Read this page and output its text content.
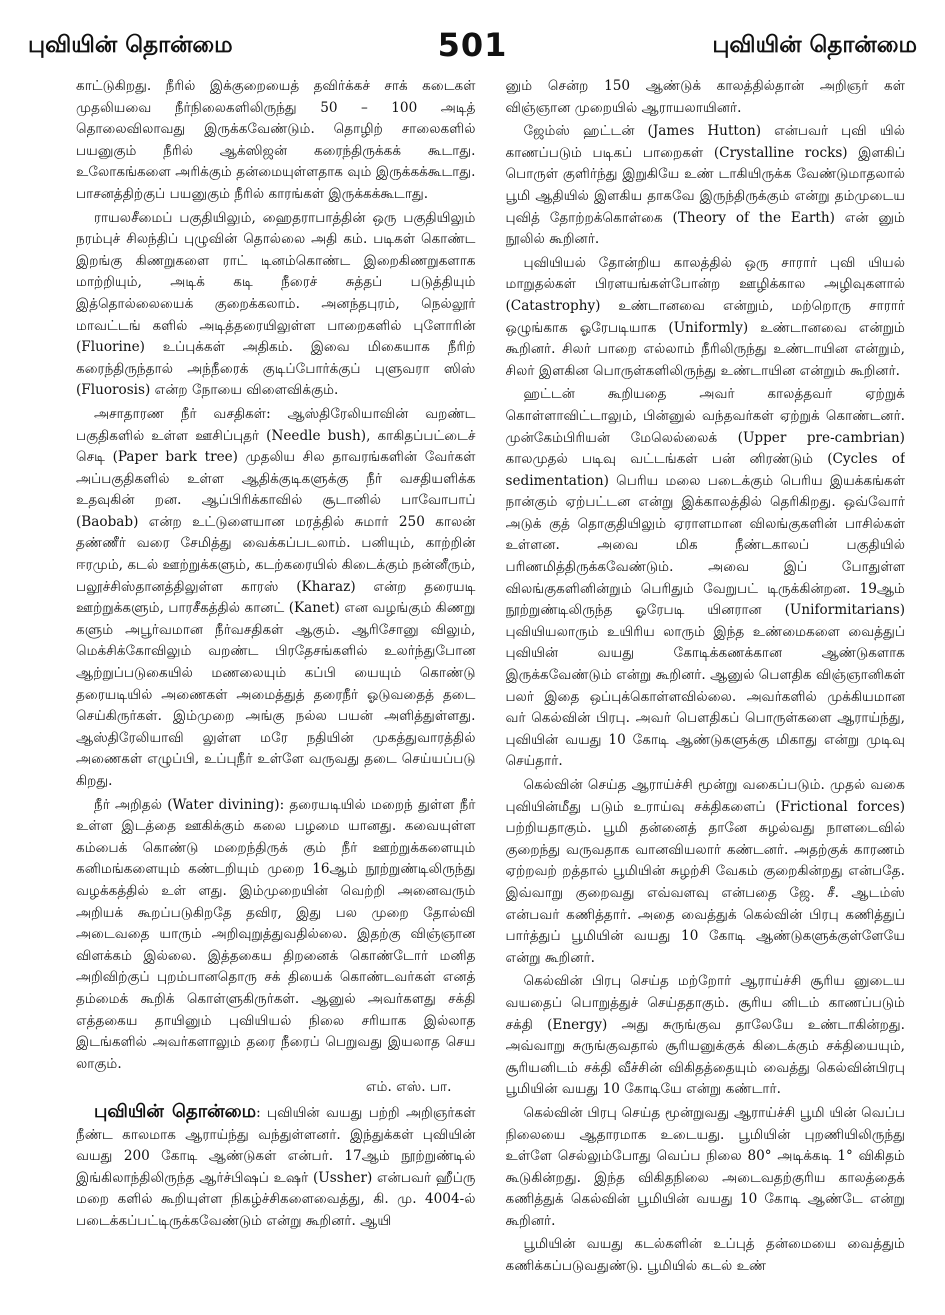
புவியின் தொன்மை	501	புவியின் தொன்மை

காட்டுகிறது. நீரில் இக்குறையைத் தவிர்க்கச் சாக் கடைகள் முதலியவை நீர்நிலைகளிலிருந்து 50 – 100 அடித் தொலைவிலாவது இருக்கவேண்டும். தொழிற் சாலைகளில் பயனுகும் நீரில் ஆக்ஸிஜன் கரைந்திருக்கக் கூடாது. உலோகங்களை அரிக்கும் தன்மையுள்ளதாக வும் இருக்கக்கூடாது. பாசனத்திற்குப் பயனுகும் நீரில் காரங்கள் இருக்கக்கூடாது.

ராயலசீமைப் பகுதியிலும், ஹைதராபாத்தின் ஒரு பகுதியிலும் நரம்புச் சிலந்திப் புழுவின் தொல்லை அதி கம். படிகள் கொண்ட இறங்கு கிணறுகளை ராட் டினம்கொண்ட இறைகிணறுகளாக மாற்றியும், அடிக் கடி நீரைச் சுத்தப் படுத்தியும் இத்தொல்லையைக் குறைக்கலாம். அனந்தபுரம், நெல்லூர் மாவட்டங் களில் அடித்தரையிலுள்ள பாறைகளில் புளோரின் (Fluorine) உப்புக்கள் அதிகம். இவை மிகையாக நீரிற் கரைந்திருந்தால் அந்நீரைக் குடிப்போர்க்குப் புளுவரா ஸிஸ் (Fluorosis) என்ற நோயை விளைவிக்கும்.

அசாதாரண நீர் வசதிகள்: ஆஸ்திரேலியாவின் வறண்ட பகுதிகளில் உள்ள ஊசிப்புதர் (Needle bush), காகிதப்பட்டைச் செடி (Paper bark tree) முதலிய சில தாவரங்களின் வேர்கள் அப்பகுதிகளில் உள்ள ஆதிக்குடிகளுக்கு நீர் வசதியளிக்க உதவுகின் றன. ஆப்பிரிக்காவில் சூடானில் பாவோபாப் (Baobab) என்ற உட்டுளையான மரத்தில் சுமார் 250 காலன் தண்ணீர் வரை சேமித்து வைக்கப்படலாம். பனியும், காற்றின் ஈரமும், கடல் ஊற்றுக்களும், கடற்கரையில் கிடைக்கும் நன்னீரும், பலூச்சிஸ்தானத்திலுள்ள காரஸ் (Kharaz) என்ற தரையடி ஊற்றுக்களும், பாரசீகத்தில் கானட் (Kanet) என வழங்கும் கிணறு களும் அபூர்வமான நீர்வசதிகள் ஆகும். ஆரிசோனு விலும், மெக்சிக்கோவிலும் வறண்ட பிரதேசங்களில் உலர்ந்துபோன ஆற்றுப்படுகையில் மணலையும் கப்பி யையும் கொண்டு தரையடியில் அணைகள் அமைத்துத் தரைநீர் ஓடுவதைத் தடை செய்கிருர்கள். இம்முறை அங்கு நல்ல பயன் அளித்துள்ளது. ஆஸ்திரேலியாவி லுள்ள மரே நதியின் முகத்துவாரத்தில் அணைகள் எழுப்பி, உப்புநீர் உள்ளே வருவது தடை செய்யப்படு கிறது.

நீர் அறிதல் (Water divining): தரையடியில் மறைந் துள்ள நீர் உள்ள இடத்தை ஊகிக்கும் கலை பழமை யானது. கவையுள்ள கம்பைக் கொண்டு மறைந்திருக் கும் நீர் ஊற்றுக்களையும் கனிமங்களையும் கண்டறியும் முறை 16ஆம் நூற்றுண்டிலிருந்து வழக்கத்தில் உள் ளது. இம்முறையின் வெற்றி அனைவரும் அறியக் கூறப்படுகிறதே தவிர, இது பல முறை தோல்வி அடைவதை யாரும் அறிவுறுத்துவதில்லை. இதற்கு விஞ்ஞான விளக்கம் இல்லை. இத்தகைய திறனைக் கொண்டோர் மனித அறிவிற்குப் புறம்பானதொரு சக் தியைக் கொண்டவர்கள் எனத் தம்மைக் கூறிக் கொள்ளுகிருர்கள். ஆனுல் அவர்களது சக்தி எத்தகைய தாயினும் புவியியல் நிலை சரியாக இல்லாத இடங்களில் அவர்களாலும் தரை நீரைப் பெறுவது இயலாத செய லாகும்.

எம். எஸ். பா.

புவியின் தொன்மை: புவியின் வயது பற்றி அறிஞர்கள் நீண்ட காலமாக ஆராய்ந்து வந்துள்ளனர். இந்துக்கள் புவியின் வயது 200 கோடி ஆண்டுகள் என்பர். 17ஆம் நூற்றுண்டில் இங்கிலாந்திலிருந்த ஆர்ச்பிஷப் உஷர் (Ussher) என்பவர் ஹீப்ரு மறை களில் கூறியுள்ள நிகழ்ச்சிகளைவைத்து, கி. மு. 4004-ல் படைக்கப்பட்டிருக்கவேண்டும் என்று கூறினர். ஆயி

னும் சென்ற 150 ஆண்டுக் காலத்தில்தான் அறிஞர் கள் விஞ்ஞான முறையில் ஆராயலாயினர்.

ஜேம்ஸ் ஹட்டன் (James Hutton) என்பவர் புவி யில் காணப்படும் படிகப் பாறைகள் (Crystalline rocks) இளகிப் பொருள் குளிர்ந்து இறுகியே உண் டாகியிருக்க வேண்டுமாதலால் பூமி ஆதியில் இளகிய தாகவே இருந்திருக்கும் என்று தம்முடைய புவித் தோற்றக்கொள்கை (Theory of the Earth) என் னும் நூலில் கூறினர்.

புவியியல் தோன்றிய காலத்தில் ஒரு சாரார் புவி யியல் மாறுதல்கள் பிரளயங்கள்போன்ற ஊழிக்கால அழிவுகளால் (Catastrophy) உண்டானவை என்றும், மற்றொரு சாரார் ஒழுங்காக ஓரேபடியாக (Uniformly) உண்டானவை என்றும் கூறினர். சிலர் பாறை எல்லாம் நீரிலிருந்து உண்டாயின என்றும், சிலர் இளகின பொருள்களிலிருந்து உண்டாயின என்றும் கூறினர்.

ஹட்டன் கூறியதை அவர் காலத்தவர் ஏற்றுக் கொள்ளாவிட்டாலும், பின்னுல் வந்தவர்கள் ஏற்றுக் கொண்டனர். முன்கேம்பிரியன் மேலெல்லைக் (Upper pre-cambrian) காலமுதல் படிவு வட்டங்கள் பன் னிரண்டும் (Cycles of sedimentation) பெரிய மலை படைக்கும் பெரிய இயக்கங்கள் நான்கும் ஏற்பட்டன என்று இக்காலத்தில் தெரிகிறது. ஒவ்வோர் அடுக் குத் தொகுதியிலும் ஏராளமான விலங்குகளின் பாசில்கள் உள்ளன. அவை மிக நீண்டகாலப் பகுதியில் பரிணமித்திருக்கவேண்டும். அவை இப் போதுள்ள விலங்குகளினின்றும் பெரிதும் வேறுபட் டிருக்கின்றன. 19ஆம் நூற்றுண்டிலிருந்த ஓரேபடி யினரான (Uniformitarians) புவியியலாரும் உயிரிய லாரும் இந்த உண்மைகளை வைத்துப் புவியின் வயது கோடிக்கணக்கான ஆண்டுகளாக இருக்கவேண்டும் என்று கூறினர். ஆனுல் பௌதிக விஞ்ஞானிகள் பலர் இதை ஒப்புக்கொள்ளவில்லை. அவர்களில் முக்கியமான வர் கெல்வின் பிரபு. அவர் பௌதிகப் பொருள்களை ஆராய்ந்து, புவியின் வயது 10 கோடி ஆண்டுகளுக்கு மிகாது என்று முடிவு செய்தார்.

கெல்வின் செய்த ஆராய்ச்சி மூன்று வகைப்படும். முதல் வகை புவியின்மீது படும் உராய்வு சக்திகளைப் (Frictional forces) பற்றியதாகும். பூமி தன்னைத் தானே சுழல்வது நாளடைவில் குறைந்து வருவதாக வானவியலார் கண்டனர். அதற்குக் காரணம் ஏற்றவற் றத்தால் பூமியின் சுழற்சி வேகம் குறைகின்றது என்பதே. இவ்வாறு குறைவது எவ்வளவு என்பதை ஜே. சீ. ஆடம்ஸ் என்பவர் கணித்தார். அதை வைத்துக் கெல்வின் பிரபு கணித்துப் பார்த்துப் பூமியின் வயது 10 கோடி ஆண்டுகளுக்குள்ளேயே என்று கூறினர்.

கெல்வின் பிரபு செய்த மற்றோர் ஆராய்ச்சி சூரிய னுடைய வயதைப் பொறுத்துச் செய்ததாகும். சூரிய னிடம் காணப்படும் சக்தி (Energy) அது சுருங்குவ தாலேயே உண்டாகின்றது. அவ்வாறு சுருங்குவதால் சூரியனுக்குக் கிடைக்கும் சக்தியையும், சூரியனிடம் சக்தி வீச்சின் விகிதத்தையும் வைத்து கெல்வின்பிரபு பூமியின் வயது 10 கோடியே என்று கண்டார்.

கெல்வின் பிரபு செய்த மூன்றுவது ஆராய்ச்சி பூமி யின் வெப்ப நிலையை ஆதாரமாக உடையது. பூமியின் புறணியிலிருந்து உள்ளே செல்லும்போது வெப்ப நிலை 80° அடிக்கடி 1° விகிதம் கூடுகின்றது. இந்த விகிதநிலை அடைவதற்குரிய காலத்தைக் கணித்துக் கெல்வின் பூமியின் வயது 10 கோடி ஆண்டே என்று கூறினர்.

பூமியின் வயது கடல்களின் உப்புத் தன்மையை வைத்தும் கணிக்கப்படுவதுண்டு. பூமியில் கடல் உண்
